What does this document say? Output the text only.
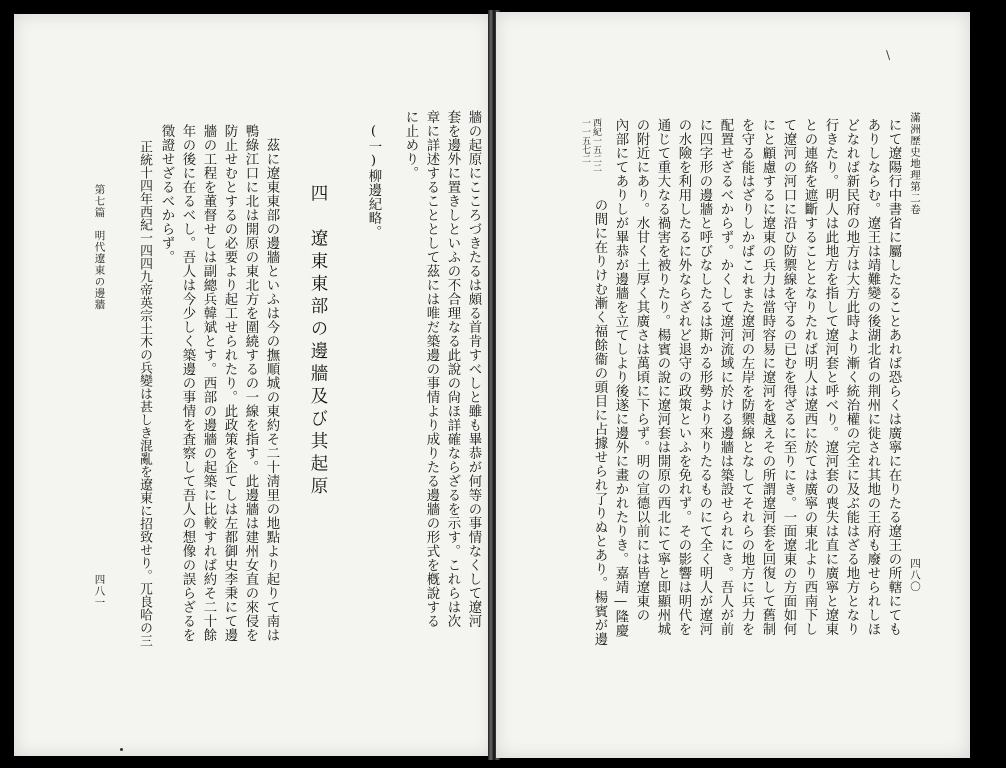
牆の起原にこころづきたるは頗る首肯すべしと雖も畢恭が何等の事情なくして遼河
套を邊外に置きしといふの不合理なる此說の尙ほ詳確ならざるを示す。これらは次
章に詳述することとして茲には唯だ築邊の事情より成りたる邊牆の形式を槪說する
に止めり。
(一)柳邊紀略。
四　遼東東部の邊牆及び其起原
茲に遼東東部の邊牆といふは今の撫順城の東約そ二十淸里の地點より起りて南は
鴨綠江口に北は開原の東北方を圍繞するの一線を指す。此邊牆は建州女直の來侵を
防止せむとするの必要より起工せられたり。此政策を企てしは左都御史李秉にて邊
牆の工程を董督せしは副總兵韓斌とす。西部の邊牆の起築に比較すれば約そ二十餘
年の後に在るべし。吾人は今少しく築邊の事情を査察して吾人の想像の誤らざるを
徵證せざるべからず。
正統十四年西紀一四四九帝英宗土木の兵變は甚しき混亂を遼東に招致せり。兀良哈の三
第七篇　明代遼東の邊牆
四八一
滿洲歷史地理第二卷
四八〇
にて遼陽行中書省に屬したることあれば恐らくは廣寧に在りたる遼王の所轄にても
ありしならむ。遼王は靖難變の後湖北省の荆州に徙され其地の王府も廢せられしほ
どなれば新民府の地方は大方此時より漸く統治權の完全に及ぶ能はざる地方となり
行きたり。明人は此地方を指して遼河套と呼べり。遼河套の喪失は直に廣寧と遼東
との連絡を遮斷することとなりたれば明人は遼西に於ては廣寧の東北より西南下し
て遼河の河口に沿ひ防禦線を守るの已むを得ざるに至りにき。一面遼東の方面如何
にと顧慮するに遼東の兵力は當時容易に遼河を越えその所謂遼河套を回復して舊制
を守る能はざりしかばこれまた遼河の左岸を防禦線となしてそれらの地方に兵力を
配置せざるべからず。かくして遼河流域に於ける邊牆は築設せられにき。吾人が前
に四字形の邊牆と呼びなしたるは斯かる形勢より來りたるものにて全く明人が遼河
の水險を利用したるに外ならざれど退守の政策といふを免れず。その影響は明代を
通じて重大なる禍害を被りたり。楊賓の說に遼河套は開原の西北にて寧と即顯州城
の附近にあり。水甘く土厚く其廣さは萬頃に下らず。明の宣德以前には皆遼東の
內部にてありしが畢恭が邊牆を立てしより後遂に邊外に畫かれたりき。嘉靖—隆慶
の間に在りけむ漸く福餘衞の頭目に占據せられ了りぬとあり。楊賓が邊
西紀一五二二
一一五七二
/
